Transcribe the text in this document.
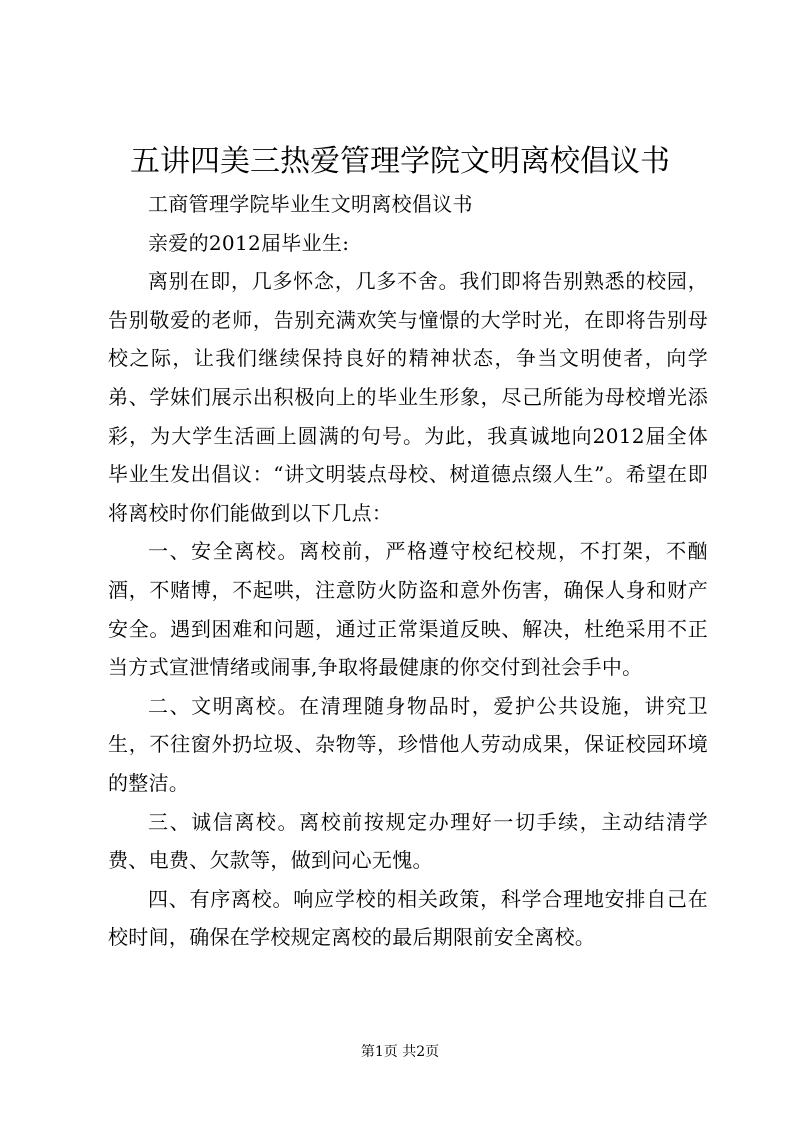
五讲四美三热爱管理学院文明离校倡议书

工商管理学院毕业生文明离校倡议书

亲爱的2012届毕业生:

离别在即，几多怀念，几多不舍。我们即将告别熟悉的校园，告别敬爱的老师，告别充满欢笑与憧憬的大学时光，在即将告别母校之际，让我们继续保持良好的精神状态，争当文明使者，向学弟、学妹们展示出积极向上的毕业生形象，尽己所能为母校增光添彩，为大学生活画上圆满的句号。为此，我真诚地向2012届全体毕业生发出倡议：“讲文明装点母校、树道德点缀人生”。希望在即将离校时你们能做到以下几点：

一、安全离校。离校前，严格遵守校纪校规，不打架，不酗酒，不赌博，不起哄，注意防火防盗和意外伤害，确保人身和财产安全。遇到困难和问题，通过正常渠道反映、解决，杜绝采用不正当方式宣泄情绪或闹事,争取将最健康的你交付到社会手中。

二、文明离校。在清理随身物品时，爱护公共设施，讲究卫生，不往窗外扔垃圾、杂物等，珍惜他人劳动成果，保证校园环境的整洁。

三、诚信离校。离校前按规定办理好一切手续，主动结清学费、电费、欠款等，做到问心无愧。

四、有序离校。响应学校的相关政策，科学合理地安排自己在校时间，确保在学校规定离校的最后期限前安全离校。

第1页 共2页
